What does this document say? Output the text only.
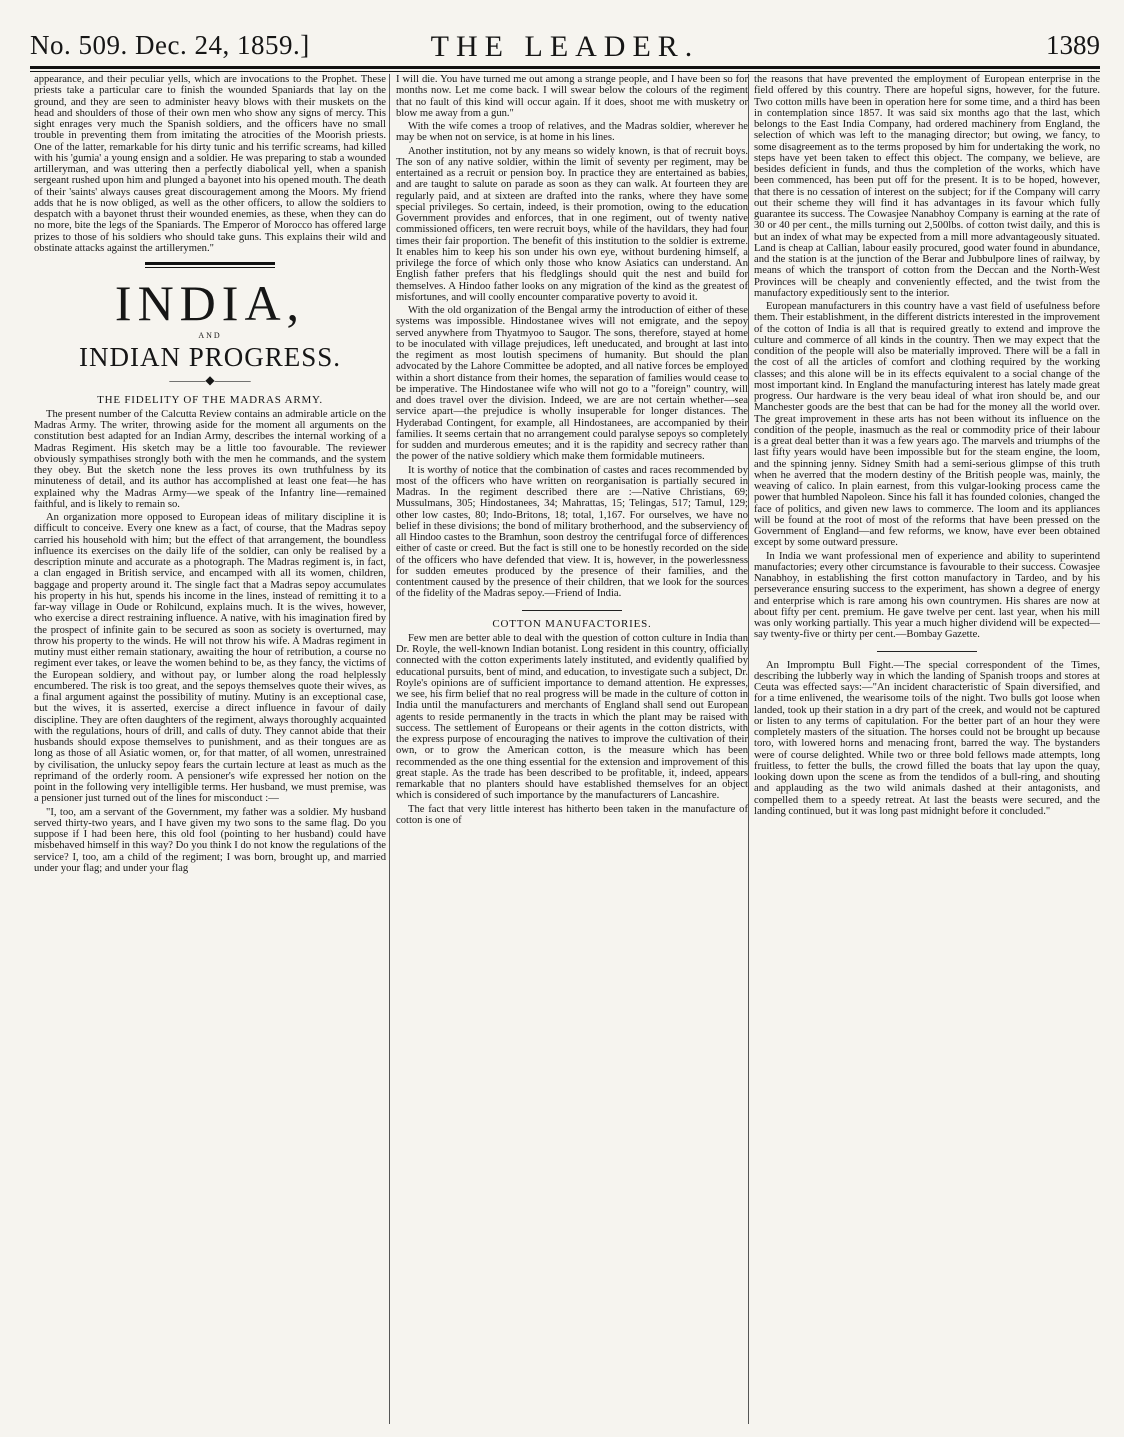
No. 509. Dec. 24, 1859.]	THE LEADER.	1389

appearance, and their peculiar yells, which are invocations to the Prophet. These priests take a particular care to finish the wounded Spaniards that lay on the ground, and they are seen to administer heavy blows with their muskets on the head and shoulders of those of their own men who show any signs of mercy. This sight enrages very much the Spanish soldiers, and the officers have no small trouble in preventing them from imitating the atrocities of the Moorish priests. One of the latter, remarkable for his dirty tunic and his terrific screams, had killed with his 'gumia' a young ensign and a soldier. He was preparing to stab a wounded artilleryman, and was uttering then a perfectly diabolical yell, when a spanish sergeant rushed upon him and plunged a bayonet into his opened mouth. The death of their 'saints' always causes great discouragement among the Moors. My friend adds that he is now obliged, as well as the other officers, to allow the soldiers to despatch with a bayonet thrust their wounded enemies, as these, when they can do no more, bite the legs of the Spaniards. The Emperor of Morocco has offered large prizes to those of his soldiers who should take guns. This explains their wild and obstinate attacks against the artillerymen."

INDIA,
AND
INDIAN PROGRESS.
———◆———
THE FIDELITY OF THE MADRAS ARMY.

The present number of the Calcutta Review contains an admirable article on the Madras Army. The writer, throwing aside for the moment all arguments on the constitution best adapted for an Indian Army, describes the internal working of a Madras Regiment. His sketch may be a little too favourable. The reviewer obviously sympathises strongly both with the men he commands, and the system they obey. But the sketch none the less proves its own truthfulness by its minuteness of detail, and its author has accomplished at least one feat—he has explained why the Madras Army—we speak of the Infantry line—remained faithful, and is likely to remain so.

An organization more opposed to European ideas of military discipline it is difficult to conceive. Every one knew as a fact, of course, that the Madras sepoy carried his household with him; but the effect of that arrangement, the boundless influence its exercises on the daily life of the soldier, can only be realised by a description minute and accurate as a photograph. The Madras regiment is, in fact, a clan engaged in British service, and encamped with all its women, children, baggage and property around it. The single fact that a Madras sepoy accumulates his property in his hut, spends his income in the lines, instead of remitting it to a far-way village in Oude or Rohilcund, explains much. It is the wives, however, who exercise a direct restraining influence. A native, with his imagination fired by the prospect of infinite gain to be secured as soon as society is overturned, may throw his property to the winds. He will not throw his wife. A Madras regiment in mutiny must either remain stationary, awaiting the hour of retribution, a course no regiment ever takes, or leave the women behind to be, as they fancy, the victims of the European soldiery, and without pay, or lumber along the road helplessly encumbered. The risk is too great, and the sepoys themselves quote their wives, as a final argument against the possibility of mutiny. Mutiny is an exceptional case, but the wives, it is asserted, exercise a direct influence in favour of daily discipline. They are often daughters of the regiment, always thoroughly acquainted with the regulations, hours of drill, and calls of duty. They cannot abide that their husbands should expose themselves to punishment, and as their tongues are as long as those of all Asiatic women, or, for that matter, of all women, unrestrained by civilisation, the unlucky sepoy fears the curtain lecture at least as much as the reprimand of the orderly room. A pensioner's wife expressed her notion on the point in the following very intelligible terms. Her husband, we must premise, was a pensioner just turned out of the lines for misconduct :—

"I, too, am a servant of the Government, my father was a soldier. My husband served thirty-two years, and I have given my two sons to the same flag. Do you suppose if I had been here, this old fool (pointing to her husband) could have misbehaved himself in this way? Do you think I do not know the regulations of the service? I, too, am a child of the regiment; I was born, brought up, and married under your flag; and under your flag

I will die. You have turned me out among a strange people, and I have been so for months now. Let me come back. I will swear below the colours of the regiment that no fault of this kind will occur again. If it does, shoot me with musketry or blow me away from a gun."

With the wife comes a troop of relatives, and the Madras soldier, wherever he may be when not on service, is at home in his lines.

Another institution, not by any means so widely known, is that of recruit boys. The son of any native soldier, within the limit of seventy per regiment, may be entertained as a recruit or pension boy. In practice they are entertained as babies, and are taught to salute on parade as soon as they can walk. At fourteen they are regularly paid, and at sixteen are drafted into the ranks, where they have some special privileges. So certain, indeed, is their promotion, owing to the education Government provides and enforces, that in one regiment, out of twenty native commissioned officers, ten were recruit boys, while of the havildars, they had four times their fair proportion. The benefit of this institution to the soldier is extreme. It enables him to keep his son under his own eye, without burdening himself, a privilege the force of which only those who know Asiatics can understand. An English father prefers that his fledglings should quit the nest and build for themselves. A Hindoo father looks on any migration of the kind as the greatest of misfortunes, and will coolly encounter comparative poverty to avoid it.

With the old organization of the Bengal army the introduction of either of these systems was impossible. Hindostanee wives will not emigrate, and the sepoy served anywhere from Thyatmyoo to Saugor. The sons, therefore, stayed at home to be inoculated with village prejudices, left uneducated, and brought at last into the regiment as most loutish specimens of humanity. But should the plan advocated by the Lahore Committee be adopted, and all native forces be employed within a short distance from their homes, the separation of families would cease to be imperative. The Hindostanee wife who will not go to a "foreign" country, will and does travel over the division. Indeed, we are are not certain whether—sea service apart—the prejudice is wholly insuperable for longer distances. The Hyderabad Contingent, for example, all Hindostanees, are accompanied by their families. It seems certain that no arrangement could paralyse sepoys so completely for sudden and murderous emeutes; and it is the rapidity and secrecy rather than the power of the native soldiery which make them formidable mutineers.

It is worthy of notice that the combination of castes and races recommended by most of the officers who have written on reorganisation is partially secured in Madras. In the regiment described there are :—Native Christians, 69; Mussulmans, 305; Hindostanees, 34; Mahrattas, 15; Telingas, 517; Tamul, 129; other low castes, 80; Indo-Britons, 18; total, 1,167. For ourselves, we have no belief in these divisions; the bond of military brotherhood, and the subserviency of all Hindoo castes to the Bramhun, soon destroy the centrifugal force of differences either of caste or creed. But the fact is still one to be honestly recorded on the side of the officers who have defended that view. It is, however, in the powerlessness for sudden emeutes produced by the presence of their families, and the contentment caused by the presence of their children, that we look for the sources of the fidelity of the Madras sepoy.—Friend of India.

COTTON MANUFACTORIES.

Few men are better able to deal with the question of cotton culture in India than Dr. Royle, the well-known Indian botanist. Long resident in this country, officially connected with the cotton experiments lately instituted, and evidently qualified by educational pursuits, bent of mind, and education, to investigate such a subject, Dr. Royle's opinions are of sufficient importance to demand attention. He expresses, we see, his firm belief that no real progress will be made in the culture of cotton in India until the manufacturers and merchants of England shall send out European agents to reside permanently in the tracts in which the plant may be raised with success. The settlement of Europeans or their agents in the cotton districts, with the express purpose of encouraging the natives to improve the cultivation of their own, or to grow the American cotton, is the measure which has been recommended as the one thing essential for the extension and improvement of this great staple. As the trade has been described to be profitable, it, indeed, appears remarkable that no planters should have established themselves for an object which is considered of such importance by the manufacturers of Lancashire.

The fact that very little interest has hitherto been taken in the manufacture of cotton is one of

the reasons that have prevented the employment of European enterprise in the field offered by this country. There are hopeful signs, however, for the future. Two cotton mills have been in operation here for some time, and a third has been in contemplation since 1857. It was said six months ago that the last, which belongs to the East India Company, had ordered machinery from England, the selection of which was left to the managing director; but owing, we fancy, to some disagreement as to the terms proposed by him for undertaking the work, no steps have yet been taken to effect this object. The company, we believe, are besides deficient in funds, and thus the completion of the works, which have been commenced, has been put off for the present. It is to be hoped, however, that there is no cessation of interest on the subject; for if the Company will carry out their scheme they will find it has advantages in its favour which fully guarantee its success. The Cowasjee Nanabhoy Company is earning at the rate of 30 or 40 per cent., the mills turning out 2,500lbs. of cotton twist daily, and this is but an index of what may be expected from a mill more advantageously situated. Land is cheap at Callian, labour easily procured, good water found in abundance, and the station is at the junction of the Berar and Jubbulpore lines of railway, by means of which the transport of cotton from the Deccan and the North-West Provinces will be cheaply and conveniently effected, and the twist from the manufactory expeditiously sent to the interior.

European manufacturers in this country have a vast field of usefulness before them. Their establishment, in the different districts interested in the improvement of the cotton of India is all that is required greatly to extend and improve the culture and commerce of all kinds in the country. Then we may expect that the condition of the people will also be materially improved. There will be a fall in the cost of all the articles of comfort and clothing required by the working classes; and this alone will be in its effects equivalent to a social change of the most important kind. In England the manufacturing interest has lately made great progress. Our hardware is the very beau ideal of what iron should be, and our Manchester goods are the best that can be had for the money all the world over. The great improvement in these arts has not been without its influence on the condition of the people, inasmuch as the real or commodity price of their labour is a great deal better than it was a few years ago. The marvels and triumphs of the last fifty years would have been impossible but for the steam engine, the loom, and the spinning jenny. Sidney Smith had a semi-serious glimpse of this truth when he averred that the modern destiny of the British people was, mainly, the weaving of calico. In plain earnest, from this vulgar-looking process came the power that humbled Napoleon. Since his fall it has founded colonies, changed the face of politics, and given new laws to commerce. The loom and its appliances will be found at the root of most of the reforms that have been pressed on the Government of England—and few reforms, we know, have ever been obtained except by some outward pressure.

In India we want professional men of experience and ability to superintend manufactories; every other circumstance is favourable to their success. Cowasjee Nanabhoy, in establishing the first cotton manufactory in Tardeo, and by his perseverance ensuring success to the experiment, has shown a degree of energy and enterprise which is rare among his own countrymen. His shares are now at about fifty per cent. premium. He gave twelve per cent. last year, when his mill was only working partially. This year a much higher dividend will be expected—say twenty-five or thirty per cent.—Bombay Gazette.

An Impromptu Bull Fight.—The special correspondent of the Times, describing the lubberly way in which the landing of Spanish troops and stores at Ceuta was effected says:—"An incident characteristic of Spain diversified, and for a time enlivened, the wearisome toils of the night. Two bulls got loose when landed, took up their station in a dry part of the creek, and would not be captured or listen to any terms of capitulation. For the better part of an hour they were completely masters of the situation. The horses could not be brought up because toro, with lowered horns and menacing front, barred the way. The bystanders were of course delighted. While two or three bold fellows made attempts, long fruitless, to fetter the bulls, the crowd filled the boats that lay upon the quay, looking down upon the scene as from the tendidos of a bull-ring, and shouting and applauding as the two wild animals dashed at their antagonists, and compelled them to a speedy retreat. At last the beasts were secured, and the landing continued, but it was long past midnight before it concluded."
